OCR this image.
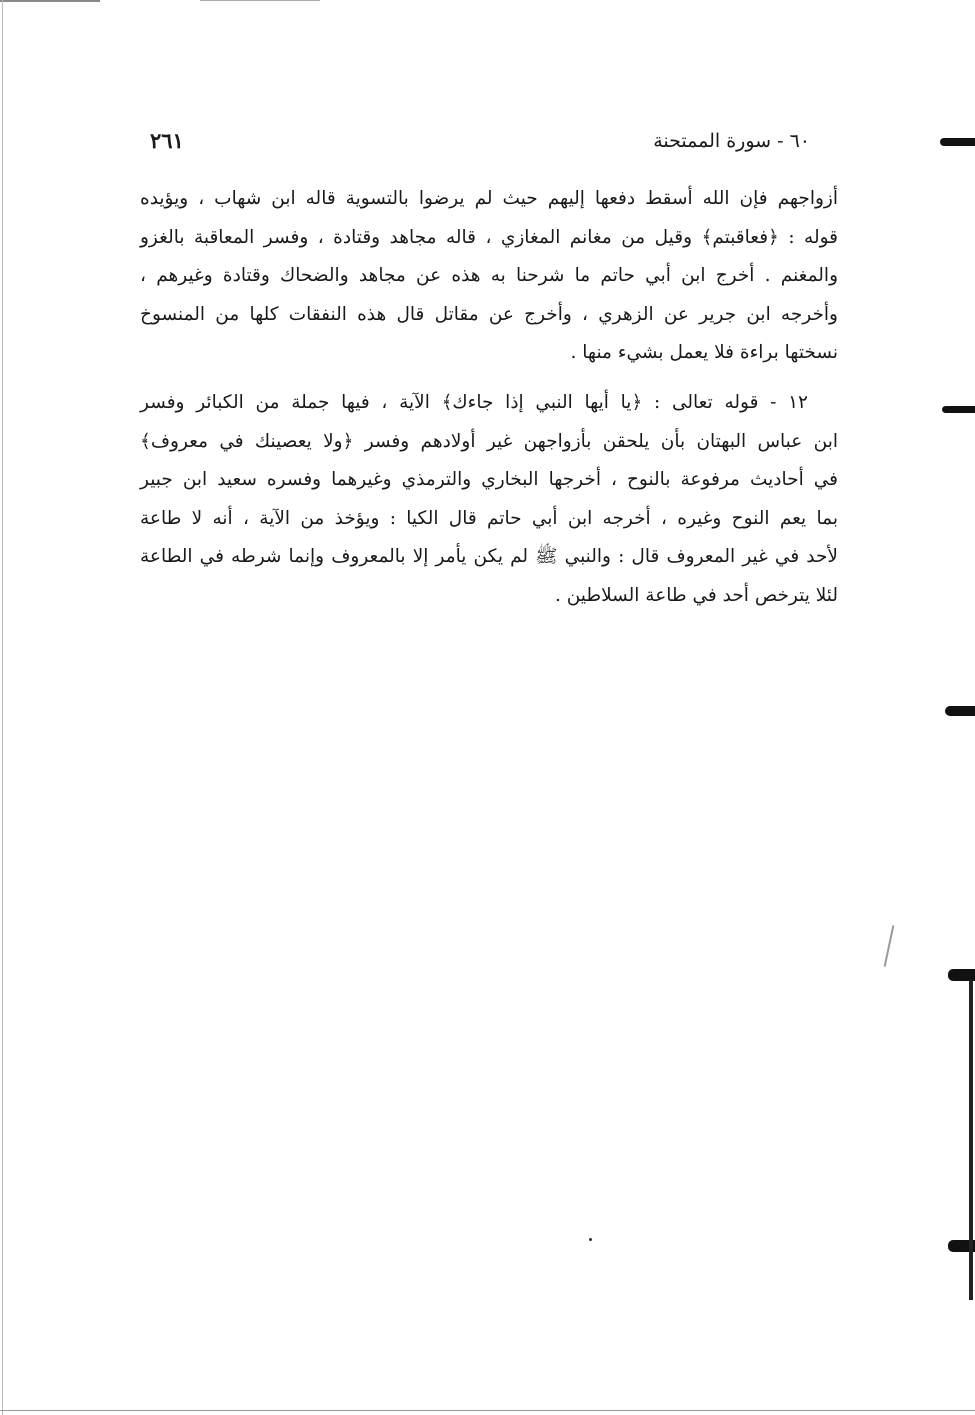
٦٠ - سورة الممتحنة
٢٦١
أزواجهم فإن الله أسقط دفعها إليهم حيث لم يرضوا بالتسوية قاله ابن شهاب ، ويؤيده
قوله : ﴿فعاقبتم﴾ وقيل من مغانم المغازي ، قاله مجاهد وقتادة ، وفسر المعاقبة بالغزو
والمغنم . أخرج ابن أبي حاتم ما شرحنا به هذه عن مجاهد والضحاك وقتادة وغيرهم ،
وأخرجه ابن جرير عن الزهري ، وأخرج عن مقاتل قال هذه النفقات كلها من المنسوخ
نسختها براءة فلا يعمل بشيء منها .
١٢ - قوله تعالى : ﴿يا أيها النبي إذا جاءك﴾ الآية ، فيها جملة من الكبائر وفسر
ابن عباس البهتان بأن يلحقن بأزواجهن غير أولادهم وفسر ﴿ولا يعصينك في معروف﴾
في أحاديث مرفوعة بالنوح ، أخرجها البخاري والترمذي وغيرهما وفسره سعيد ابن جبير
بما يعم النوح وغيره ، أخرجه ابن أبي حاتم قال الكيا : ويؤخذ من الآية ، أنه لا طاعة
لأحد في غير المعروف قال : والنبي ﷺ لم يكن يأمر إلا بالمعروف وإنما شرطه في الطاعة
لئلا يترخص أحد في طاعة السلاطين .
